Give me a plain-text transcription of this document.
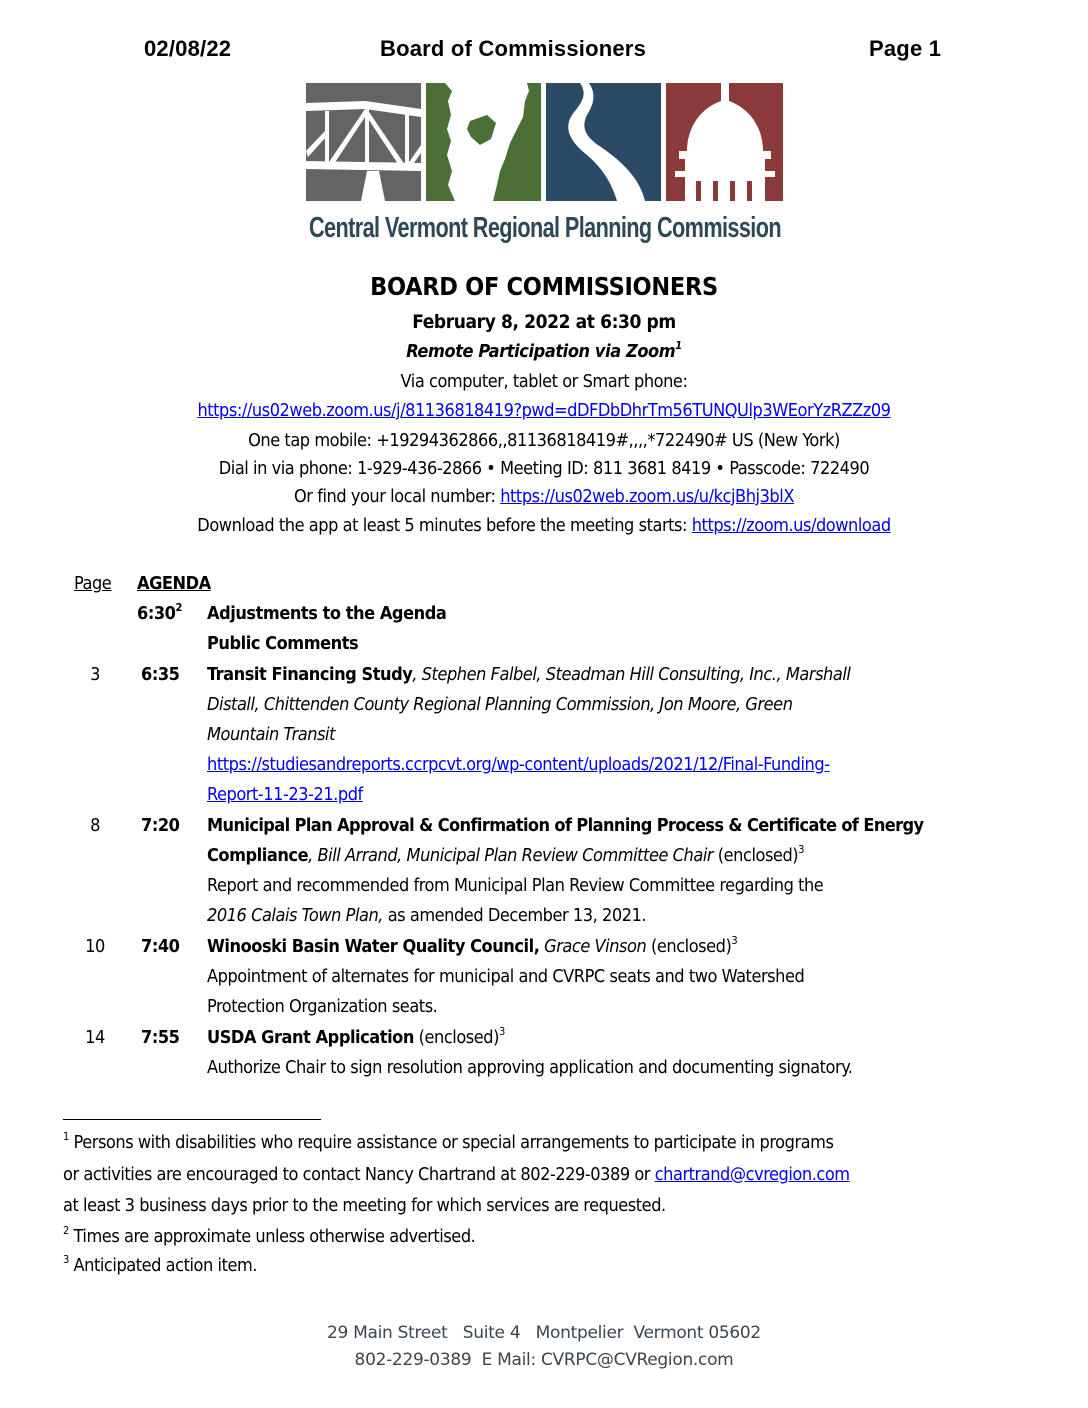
02/08/22	Board of Commissioners	Page 1
Central Vermont Regional Planning Commission
BOARD OF COMMISSIONERS
February 8, 2022 at 6:30 pm
Remote Participation via Zoom$^1$
Via computer, tablet or Smart phone:
https://us02web.zoom.us/j/81136818419?pwd=dDFDbDhrTm56TUNQUlp3WEorYzRZZz09
One tap mobile: +19294362866,,81136818419#,,,,*722490# US (New York)
Dial in via phone: 1-929-436-2866 • Meeting ID: 811 3681 8419 • Passcode: 722490
Or find your local number: https://us02web.zoom.us/u/kcjBhj3blX
Download the app at least 5 minutes before the meeting starts: https://zoom.us/download
Page AGENDA
$6:30^2$ Adjustments to the Agenda
Public Comments
3	6:35 Transit Financing Study, Stephen Falbel, Steadman Hill Consulting, Inc., Marshall
Distall, Chittenden County Regional Planning Commission, Jon Moore, Green
Mountain Transit
https://studiesandreports.ccrpcvt.org/wp-content/uploads/2021/12/Final-Funding-
Report-11-23-21.pdf
8	7:20 Municipal Plan Approval & Confirmation of Planning Process & Certificate of Energy
Compliance, Bill Arrand, Municipal Plan Review Committee Chair (enclosed)$^3$
Report and recommended from Municipal Plan Review Committee regarding the
2016 Calais Town Plan, as amended December 13, 2021.
10	7:40 Winooski Basin Water Quality Council, Grace Vinson (enclosed)$^3$
Appointment of alternates for municipal and CVRPC seats and two Watershed
Protection Organization seats.
14	7:55 USDA Grant Application (enclosed)$^3$
Authorize Chair to sign resolution approving application and documenting signatory.
$^1$ Persons with disabilities who require assistance or special arrangements to participate in programs
or activities are encouraged to contact Nancy Chartrand at 802-229-0389 or chartrand@cvregion.com
at least 3 business days prior to the meeting for which services are requested.
$^2$ Times are approximate unless otherwise advertised.
$^3$ Anticipated action item.
29 Main Street   Suite 4   Montpelier  Vermont 05602
802-229-0389  E Mail: CVRPC@CVRegion.com
